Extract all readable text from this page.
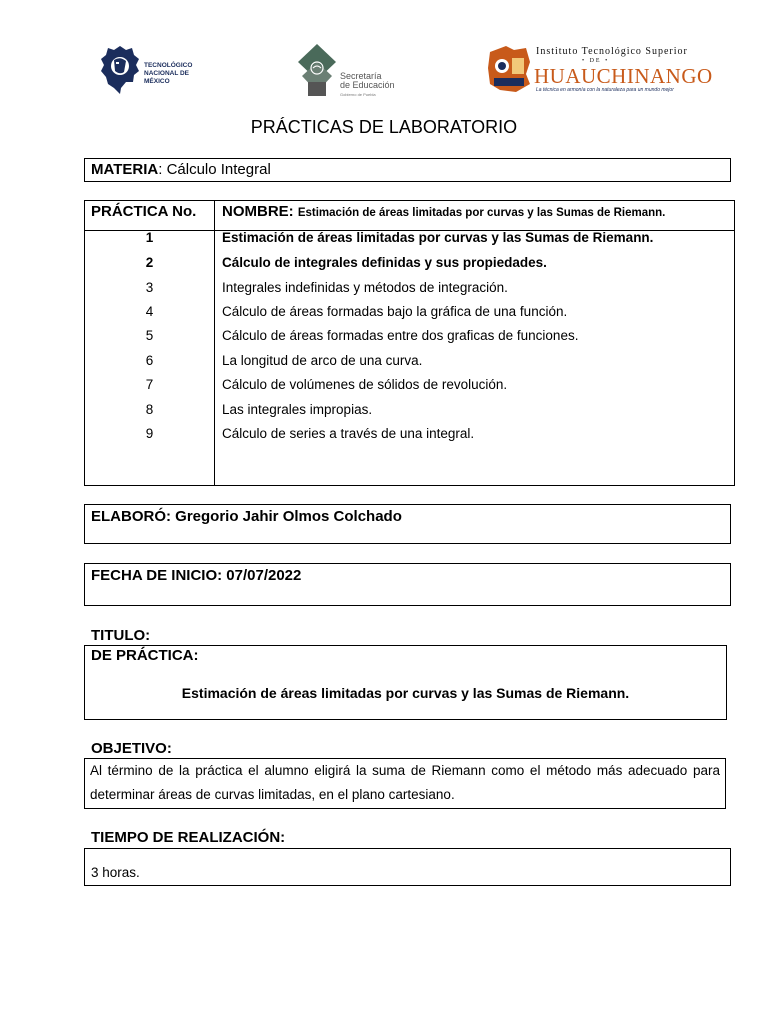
TECNOLÓGICO
NACIONAL DE MÉXICO
Secretaría
de Educación
Gobierno de Puebla
Instituto Tecnológico Superior
• DE •
HUAUCHINANGO
La técnica en armonía con la naturaleza para un mundo mejor
PRÁCTICAS DE LABORATORIO
MATERIA: Cálculo Integral
PRÁCTICA No. NOMBRE: Estimación de áreas limitadas por curvas y las Sumas de Riemann.
1	Estimación de áreas limitadas por curvas y las Sumas de Riemann.
2	Cálculo de integrales definidas y sus propiedades.
3	Integrales indefinidas y métodos de integración.
4	Cálculo de áreas formadas bajo la gráfica de una función.
5	Cálculo de áreas formadas entre dos graficas de funciones.
6	La longitud de arco de una curva.
7	Cálculo de volúmenes de sólidos de revolución.
8	Las integrales impropias.
9	Cálculo de series a través de una integral.
ELABORÓ: Gregorio Jahir Olmos Colchado
FECHA DE INICIO: 07/07/2022
TITULO:
DE PRÁCTICA:
Estimación de áreas limitadas por curvas y las Sumas de Riemann.
OBJETIVO:
Al término de la práctica el alumno eligirá la suma de Riemann como el método más adecuado para determinar áreas de curvas limitadas, en el plano cartesiano.
TIEMPO DE REALIZACIÓN:
3 horas.
